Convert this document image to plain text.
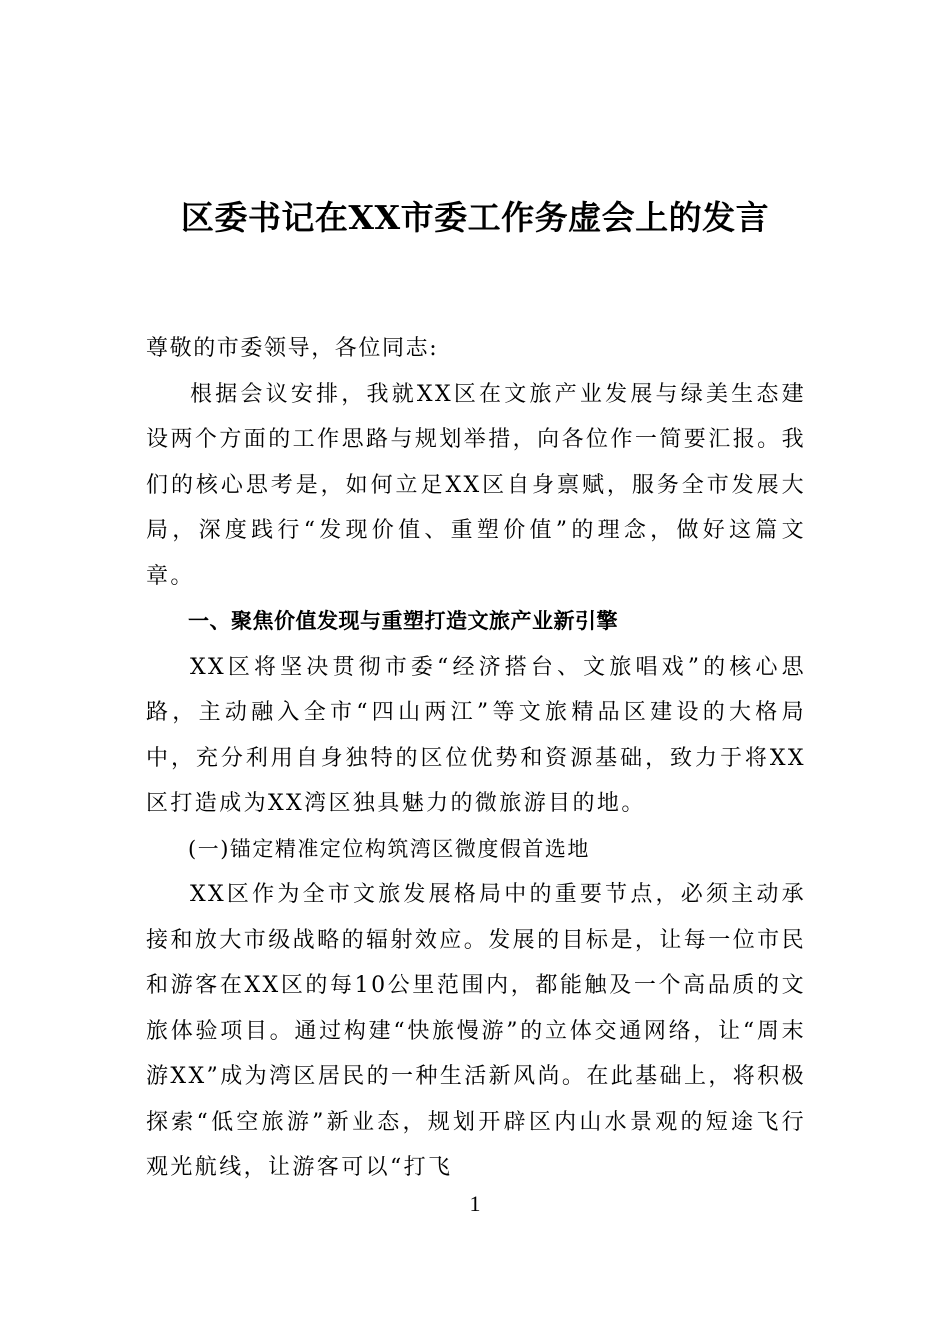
区委书记在XX市委工作务虚会上的发言

尊敬的市委领导，各位同志:

根据会议安排，我就XX区在文旅产业发展与绿美生态建设两个方面的工作思路与规划举措，向各位作一简要汇报。我们的核心思考是，如何立足XX区自身禀赋，服务全市发展大局，深度践行“发现价值、重塑价值”的理念，做好这篇文章。

一、聚焦价值发现与重塑打造文旅产业新引擎

XX区将坚决贯彻市委“经济搭台、文旅唱戏”的核心思路，主动融入全市“四山两江”等文旅精品区建设的大格局中，充分利用自身独特的区位优势和资源基础，致力于将XX区打造成为XX湾区独具魅力的微旅游目的地。

(一)锚定精准定位构筑湾区微度假首选地

XX区作为全市文旅发展格局中的重要节点，必须主动承接和放大市级战略的辐射效应。发展的目标是，让每一位市民和游客在XX区的每10公里范围内，都能触及一个高品质的文旅体验项目。通过构建“快旅慢游”的立体交通网络，让“周末游XX”成为湾区居民的一种生活新风尚。在此基础上，将积极探索“低空旅游”新业态，规划开辟区内山水景观的短途飞行观光航线，让游客可以“打飞

1
